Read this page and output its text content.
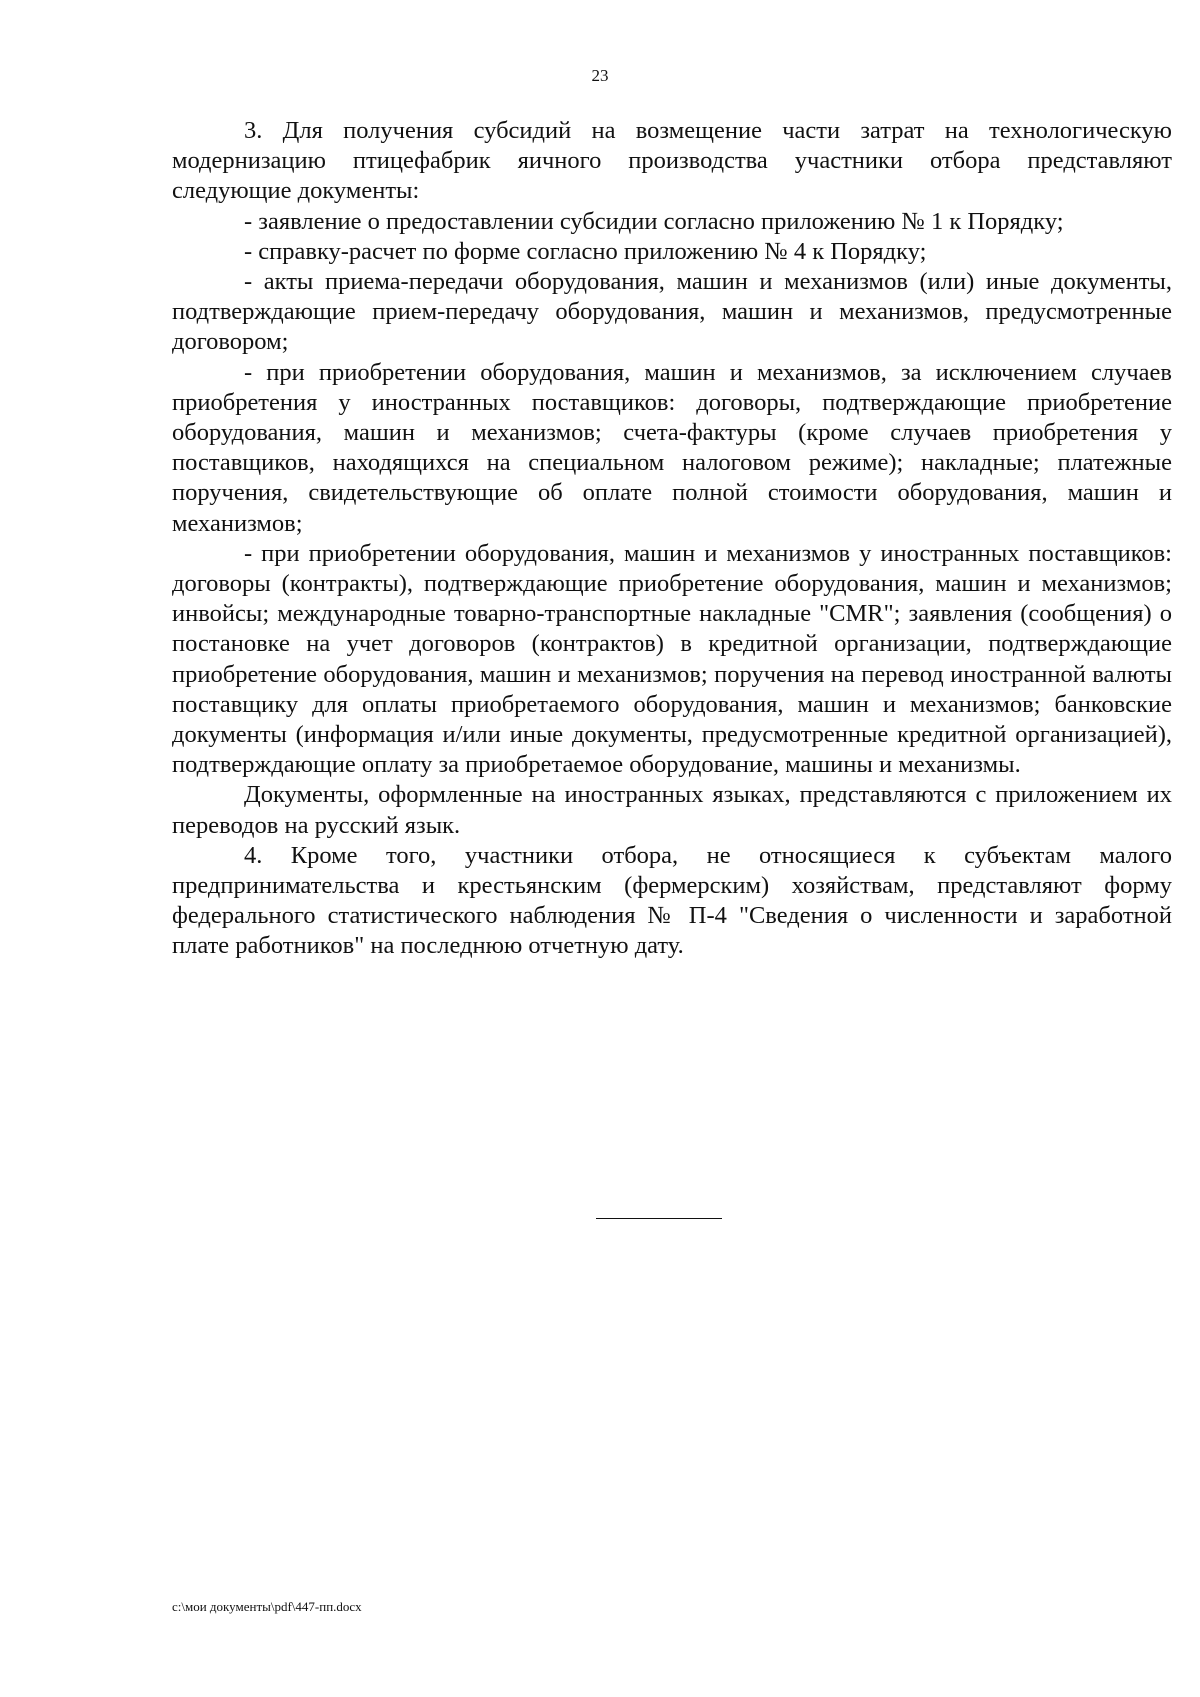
23

3. Для получения субсидий на возмещение части затрат на технологическую модернизацию птицефабрик яичного производства участники отбора представляют следующие документы:

- заявление о предоставлении субсидии согласно приложению № 1 к Порядку;

- справку-расчет по форме согласно приложению № 4 к Порядку;

- акты приема-передачи оборудования, машин и механизмов (или) иные документы, подтверждающие прием-передачу оборудования, машин и механизмов, предусмотренные договором;

- при приобретении оборудования, машин и механизмов, за исключением случаев приобретения у иностранных поставщиков: договоры, подтверждающие приобретение оборудования, машин и механизмов; счета-фактуры (кроме случаев приобретения у поставщиков, находящихся на специальном налоговом режиме); накладные; платежные поручения, свидетельствующие об оплате полной стоимости оборудования, машин и механизмов;

- при приобретении оборудования, машин и механизмов у иностранных поставщиков: договоры (контракты), подтверждающие приобретение оборудования, машин и механизмов; инвойсы; международные товарно-транспортные накладные "CMR"; заявления (сообщения) о постановке на учет договоров (контрактов) в кредитной организации, подтверждающие приобретение оборудования, машин и механизмов; поручения на перевод иностранной валюты поставщику для оплаты приобретаемого оборудования, машин и механизмов; банковские документы (информация и/или иные документы, предусмотренные кредитной организацией), подтверждающие оплату за приобретаемое оборудование, машины и механизмы.

Документы, оформленные на иностранных языках, представляются с приложением их переводов на русский язык.

4. Кроме того, участники отбора, не относящиеся к субъектам малого предпринимательства и крестьянским (фермерским) хозяйствам, представляют форму федерального статистического наблюдения № П-4 "Сведения о численности и заработной плате работников" на последнюю отчетную дату.

c:\мои документы\pdf\447-пп.docx
